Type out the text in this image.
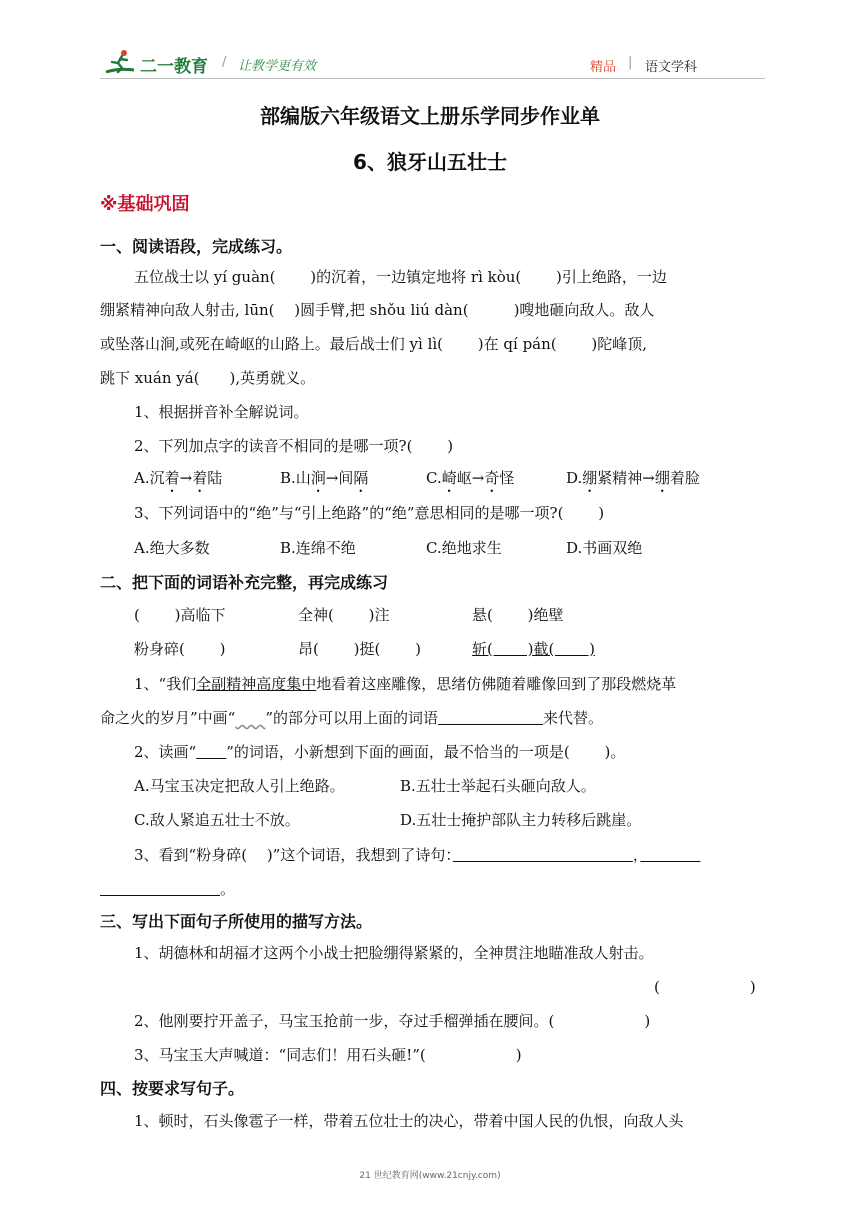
二一教育 / 让教学更有效	精品 | 语文学科
部编版六年级语文上册乐学同步作业单
6、狼牙山五壮士
※基础巩固
一、阅读语段，完成练习。
五位战士以 yí guàn(　　 )的沉着，一边镇定地将 rì kòu(　　 )引上绝路，一边
绷紧精神向敌人射击, lūn(　 )圆手臂,把 shǒu liú dàn(　　　)嗖地砸向敌人。敌人
或坠落山涧,或死在崎岖的山路上。最后战士们 yì lì(　　 )在 qí pán(　　 )陀峰顶,
跳下 xuán yá(　　),英勇就义。
1、根据拼音补全解说词。
2、下列加点字的读音不相同的是哪一项?(　　 )
A.沉着→着陆	B.山涧→间隔	C.崎岖→奇怪	D.绷紧精神→绷着脸
3、下列词语中的“绝”与“引上绝路”的“绝”意思相同的是哪一项?(　　 )
A.绝大多数	B.连绵不绝	C.绝地求生	D.书画双绝
二、把下面的词语补充完整，再完成练习
(　　 )高临下	全神(　　 )注	悬(　　 )绝壁
粉身碎(　　 )	昂(　　 )挺(　　 )	斩(　　 )截(　　 )
1、“我们全副精神高度集中地看着这座雕像，思绪仿佛随着雕像回到了那段燃烧革
命之火的岁月”中画“　　 ”的部分可以用上面的词语　　　　　　　	来代替。
2、读画“　　 ”的词语，小新想到下面的画面，最不恰当的一项是(　　 )。
A.马宝玉决定把敌人引上绝路。	B.五壮士举起石头砸向敌人。
C.敌人紧追五壮士不放。	D.五壮士掩护部队主力转移后跳崖。
3、看到“粉身碎(　 )”这个词语，我想到了诗句：　　　　　　　　　　　　	，　　　　
　　　　　　　　。
三、写出下面句子所使用的描写方法。
1、胡德林和胡福才这两个小战士把脸绷得紧紧的，全神贯注地瞄准敌人射击。
(　　　　　　)
2、他刚要拧开盖子，马宝玉抢前一步，夺过手榴弹插在腰间。(　　　　　　)
3、马宝玉大声喊道：“同志们！用石头砸!”(　　　　　　)
四、按要求写句子。
1、顿时，石头像雹子一样，带着五位壮士的决心，带着中国人民的仇恨，向敌人头
21 世纪教育网(www.21cnjy.com)
